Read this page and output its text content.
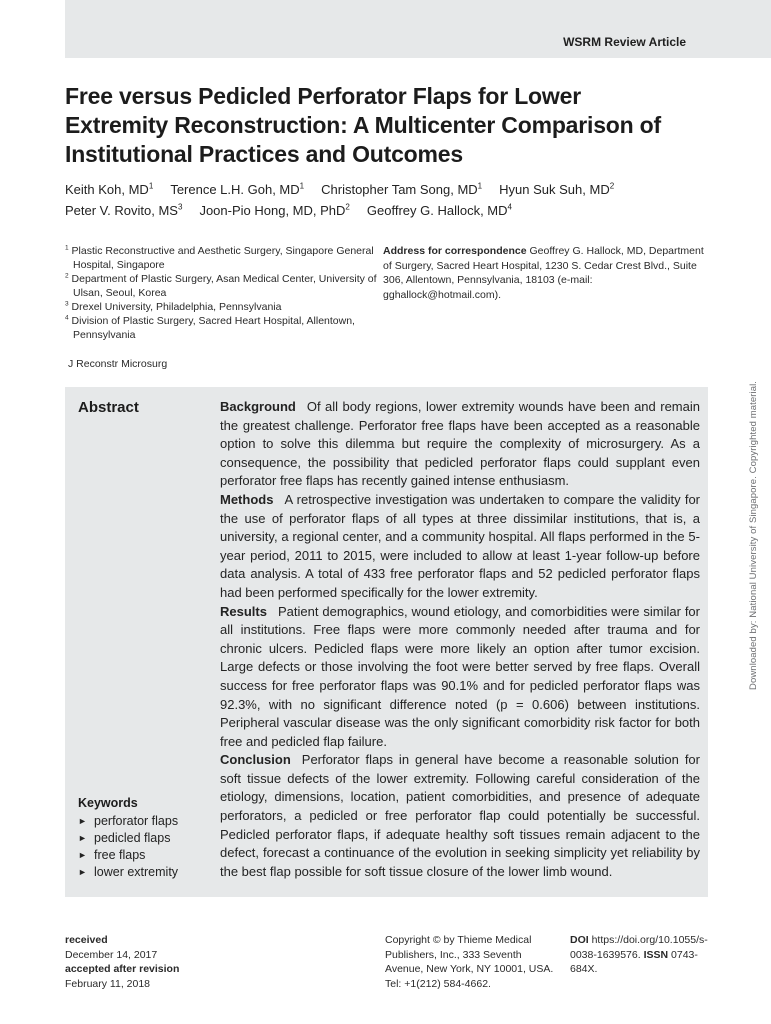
WSRM Review Article
Free versus Pedicled Perforator Flaps for Lower Extremity Reconstruction: A Multicenter Comparison of Institutional Practices and Outcomes
Keith Koh, $MD^1$ Terence L.H. Goh, $MD^1$ Christopher Tam Song, $MD^1$ Hyun Suk Suh, $MD^2$
Peter V. Rovito, $MS^3$ Joon-Pio Hong, MD, PhD$^2$ Geoffrey G. Hallock, $MD^4$
$^1$ Plastic Reconstructive and Aesthetic Surgery, Singapore General Hospital, Singapore
$^2$ Department of Plastic Surgery, Asan Medical Center, University of Ulsan, Seoul, Korea
$^3$ Drexel University, Philadelphia, Pennsylvania
$^4$ Division of Plastic Surgery, Sacred Heart Hospital, Allentown, Pennsylvania
Address for correspondence Geoffrey G. Hallock, MD, Department of Surgery, Sacred Heart Hospital, 1230 S. Cedar Crest Blvd., Suite 306, Allentown, Pennsylvania, 18103 (e-mail: gghallock@hotmail.com).
J Reconstr Microsurg
Abstract
Keywords
► perforator flaps
► pedicled flaps
► free flaps
► lower extremity

Background Of all body regions, lower extremity wounds have been and remain the greatest challenge. Perforator free flaps have been accepted as a reasonable option to solve this dilemma but require the complexity of microsurgery. As a consequence, the possibility that pedicled perforator flaps could supplant even perforator free flaps has recently gained intense enthusiasm.

Methods A retrospective investigation was undertaken to compare the validity for the use of perforator flaps of all types at three dissimilar institutions, that is, a university, a regional center, and a community hospital. All flaps performed in the 5-year period, 2011 to 2015, were included to allow at least 1-year follow-up before data analysis. A total of 433 free perforator flaps and 52 pedicled perforator flaps had been performed specifically for the lower extremity.

Results Patient demographics, wound etiology, and comorbidities were similar for all institutions. Free flaps were more commonly needed after trauma and for chronic ulcers. Pedicled flaps were more likely an option after tumor excision. Large defects or those involving the foot were better served by free flaps. Overall success for free perforator flaps was 90.1% and for pedicled perforator flaps was 92.3%, with no significant difference noted (p = 0.606) between institutions. Peripheral vascular disease was the only significant comorbidity risk factor for both free and pedicled flap failure.

Conclusion Perforator flaps in general have become a reasonable solution for soft tissue defects of the lower extremity. Following careful consideration of the etiology, dimensions, location, patient comorbidities, and presence of adequate perforators, a pedicled or free perforator flap could potentially be successful. Pedicled perforator flaps, if adequate healthy soft tissues remain adjacent to the defect, forecast a continuance of the evolution in seeking simplicity yet reliability by the best flap possible for soft tissue closure of the lower limb wound.

received
December 14, 2017
accepted after revision
February 11, 2018
Copyright © by Thieme Medical Publishers, Inc., 333 Seventh Avenue, New York, NY 10001, USA. Tel: +1(212) 584-4662.
DOI https://doi.org/10.1055/s-0038-1639576. ISSN 0743-684X.
Downloaded by: National University of Singapore. Copyrighted material.
